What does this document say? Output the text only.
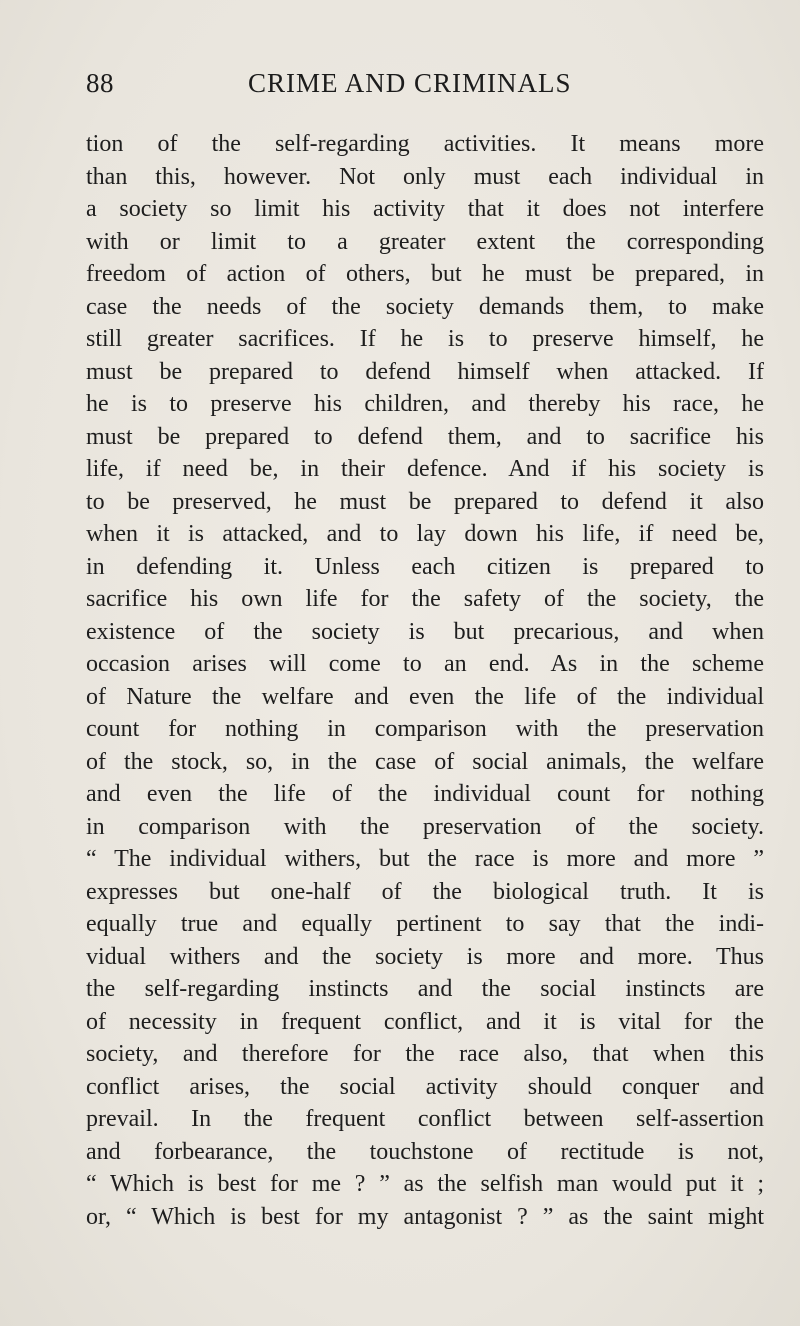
88	CRIME AND CRIMINALS
tion of the self-regarding activities. It means more
than this, however. Not only must each individual in
a society so limit his activity that it does not interfere
with or limit to a greater extent the corresponding
freedom of action of others, but he must be prepared, in
case the needs of the society demands them, to make
still greater sacrifices. If he is to preserve himself, he
must be prepared to defend himself when attacked. If
he is to preserve his children, and thereby his race, he
must be prepared to defend them, and to sacrifice his
life, if need be, in their defence. And if his society is
to be preserved, he must be prepared to defend it also
when it is attacked, and to lay down his life, if need be,
in defending it. Unless each citizen is prepared to
sacrifice his own life for the safety of the society, the
existence of the society is but precarious, and when
occasion arises will come to an end. As in the scheme
of Nature the welfare and even the life of the individual
count for nothing in comparison with the preservation
of the stock, so, in the case of social animals, the welfare
and even the life of the individual count for nothing
in comparison with the preservation of the society.
“ The individual withers, but the race is more and more ”
expresses but one-half of the biological truth. It is
equally true and equally pertinent to say that the indi-
vidual withers and the society is more and more. Thus
the self-regarding instincts and the social instincts are
of necessity in frequent conflict, and it is vital for the
society, and therefore for the race also, that when this
conflict arises, the social activity should conquer and
prevail. In the frequent conflict between self-assertion
and forbearance, the touchstone of rectitude is not,
“ Which is best for me ? ” as the selfish man would put it ;
or, “ Which is best for my antagonist ? ” as the saint might
